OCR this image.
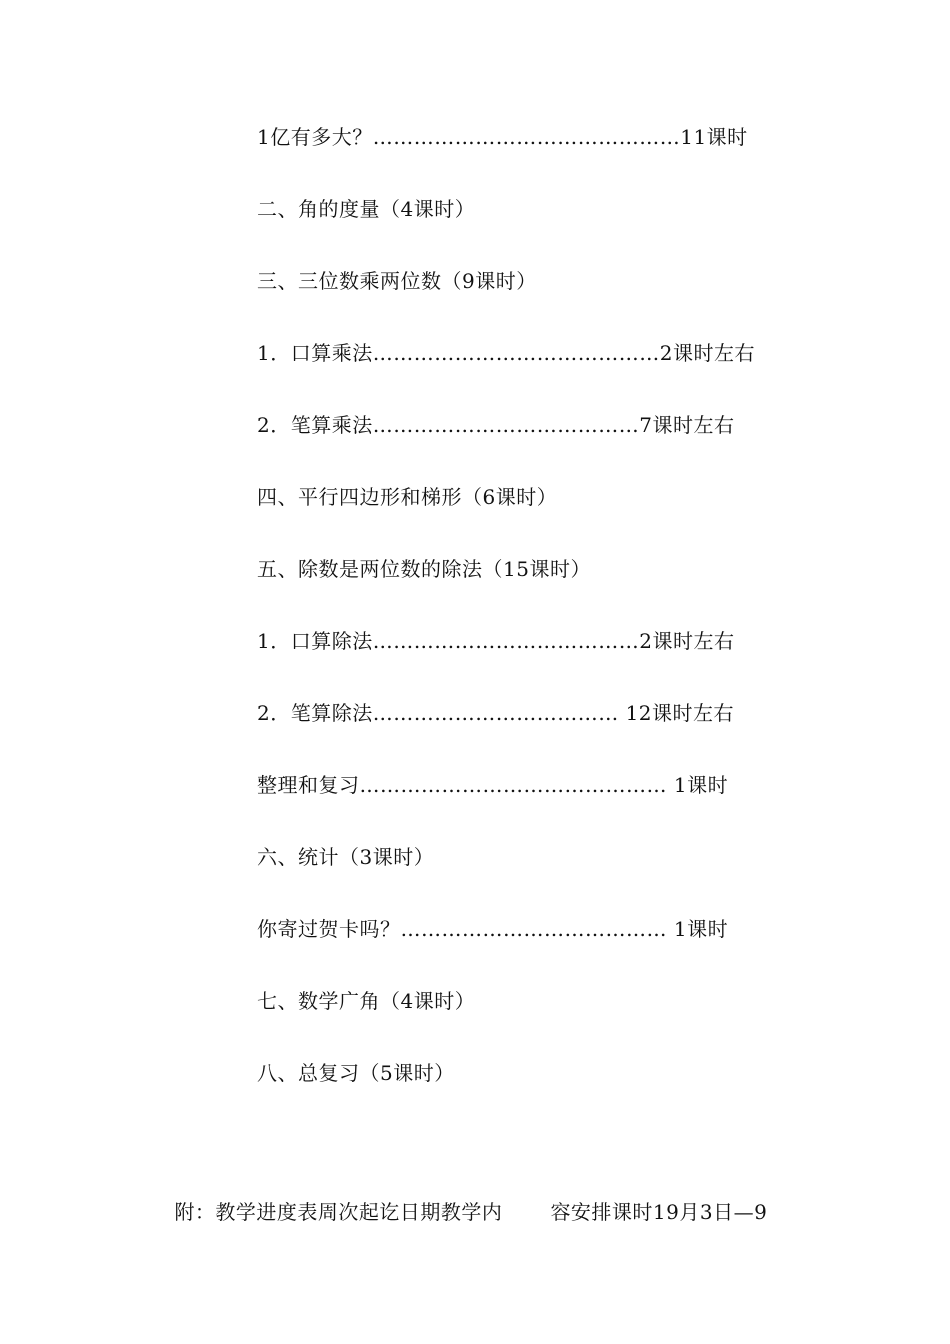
1亿有多大？………………………………………11课时
二、角的度量（4课时）
三、三位数乘两位数（9课时）
1．口算乘法……………………………………2课时左右
2．笔算乘法…………………………………7课时左右
四、平行四边形和梯形（6课时）
五、除数是两位数的除法（15课时）
1．口算除法…………………………………2课时左右
2．笔算除法……………………………… 12课时左右
整理和复习……………………………………… 1课时
六、统计（3课时）
你寄过贺卡吗？………………………………… 1课时
七、数学广角（4课时）
八、总复习（5课时）

附：教学进度表周次起讫日期教学内 容安排课时19月3日—9
